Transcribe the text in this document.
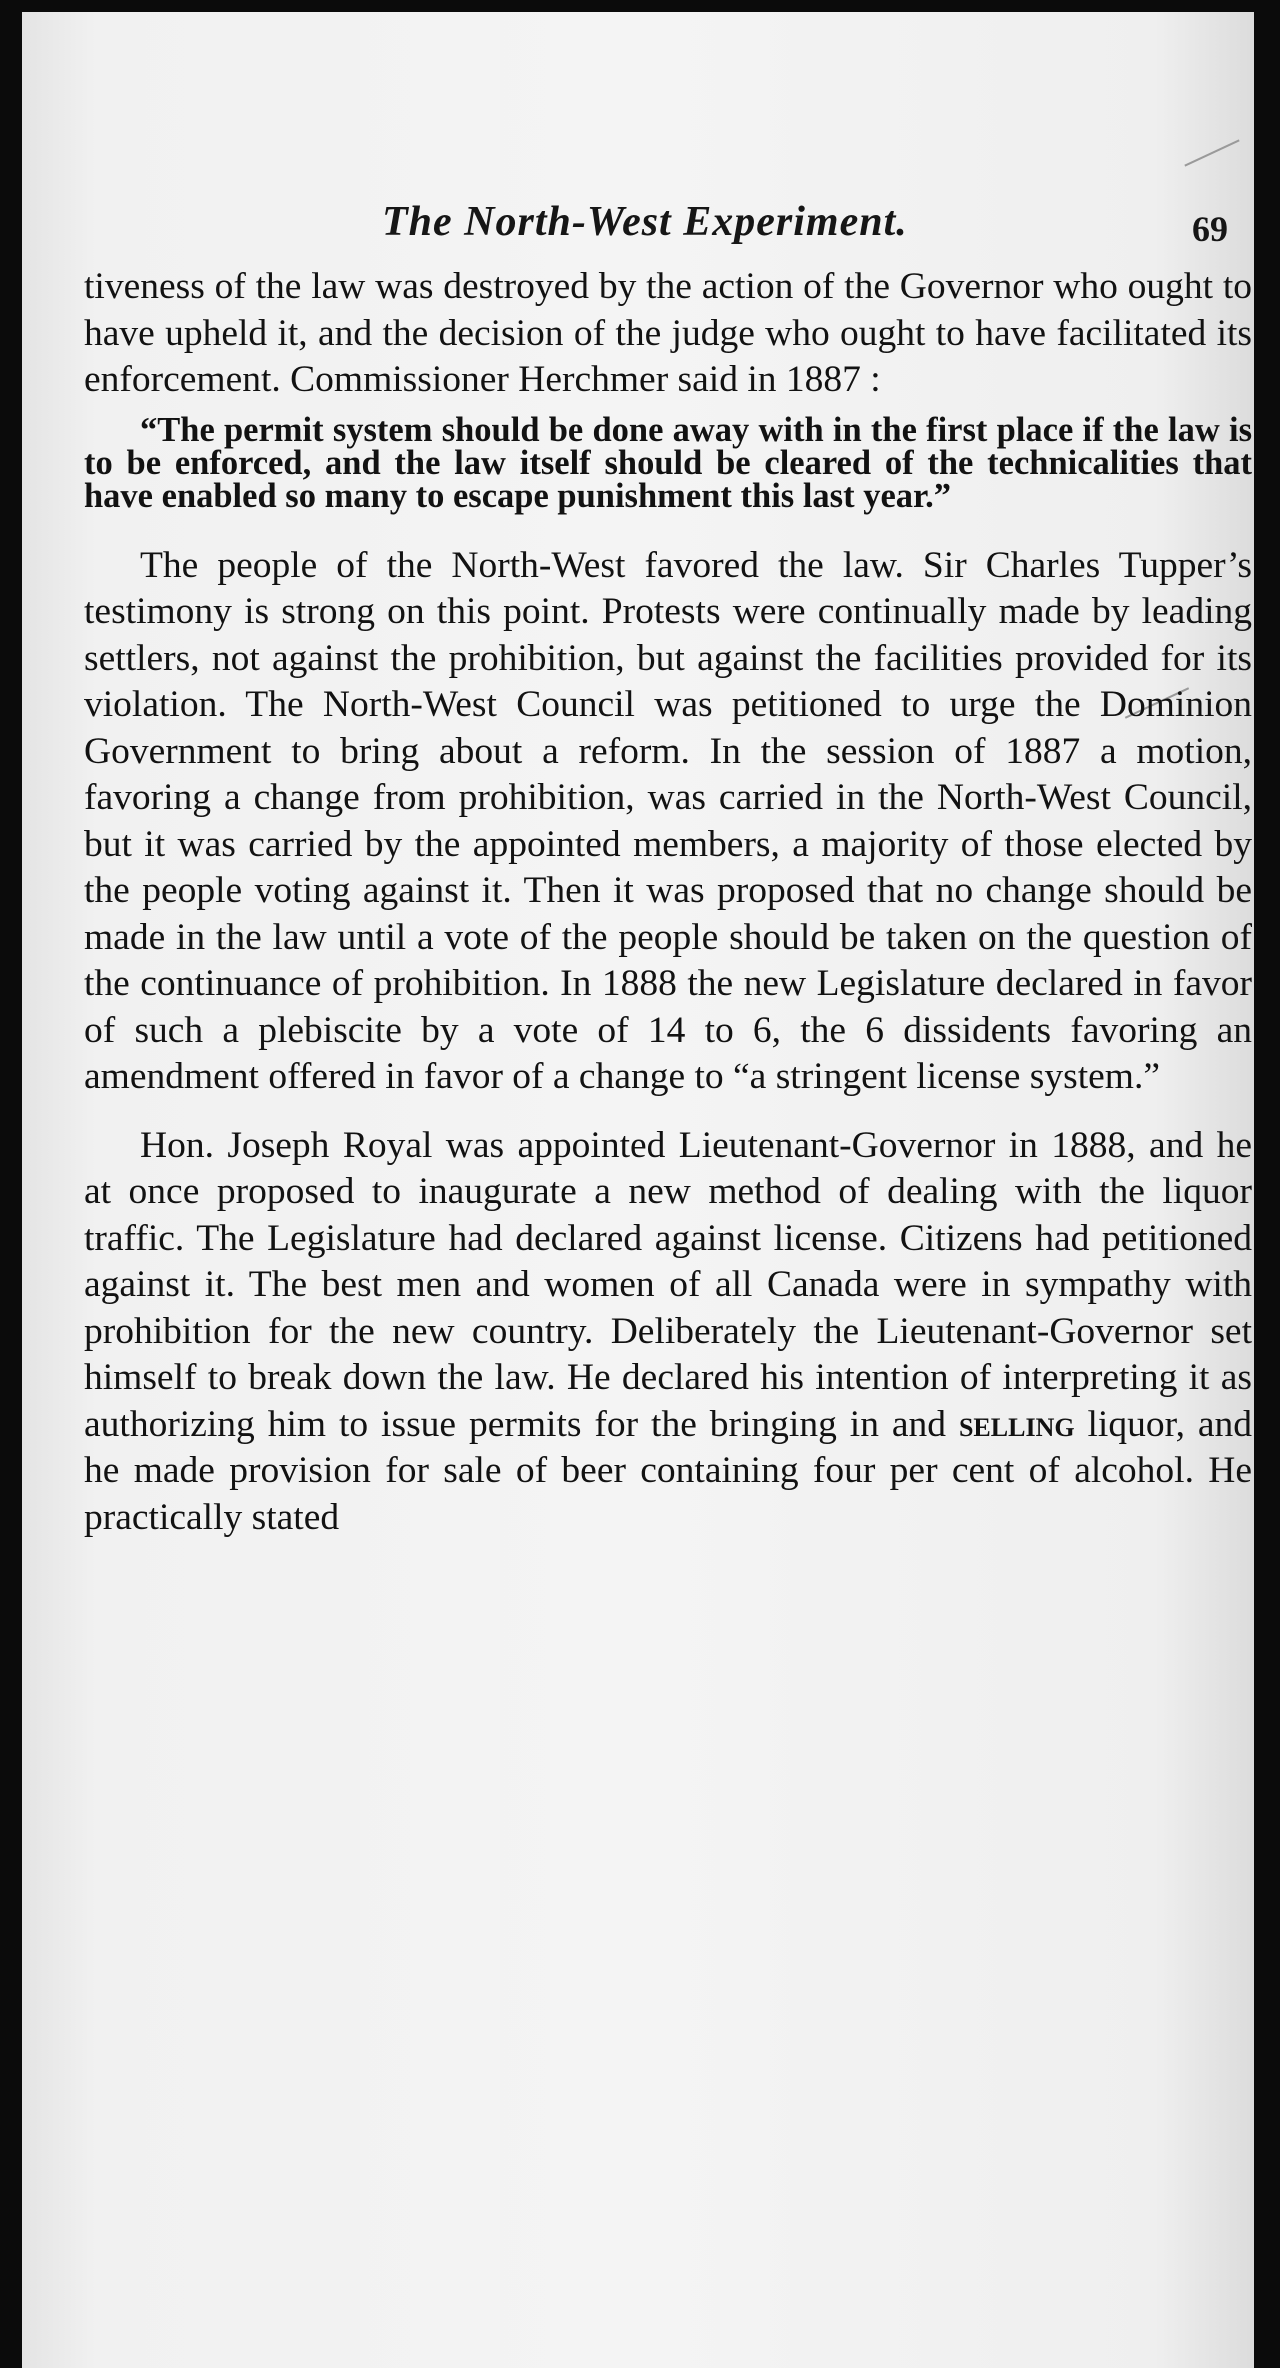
The North-West Experiment.	69

tiveness of the law was destroyed by the action of the Governor who ought to have upheld it, and the decision of the judge who ought to have facilitated its enforcement. Commissioner Herchmer said in 1887 :

“The permit system should be done away with in the first place if the law is to be enforced, and the law itself should be cleared of the technicalities that have enabled so many to escape punishment this last year.”

The people of the North-West favored the law. Sir Charles Tupper’s testimony is strong on this point. Protests were continually made by leading settlers, not against the prohibition, but against the facilities provided for its violation. The North-West Council was petitioned to urge the Dominion Government to bring about a reform. In the session of 1887 a motion, favoring a change from prohibition, was carried in the North-West Council, but it was carried by the appointed members, a majority of those elected by the people voting against it. Then it was proposed that no change should be made in the law until a vote of the people should be taken on the question of the continuance of prohibition. In 1888 the new Legislature declared in favor of such a plebiscite by a vote of 14 to 6, the 6 dissidents favoring an amendment offered in favor of a change to “a stringent license system.”

Hon. Joseph Royal was appointed Lieutenant-Governor in 1888, and he at once proposed to inaugurate a new method of dealing with the liquor traffic. The Legislature had declared against license. Citizens had petitioned against it. The best men and women of all Canada were in sympathy with prohibition for the new country. Deliberately the Lieutenant-Governor set himself to break down the law. He declared his intention of interpreting it as authorizing him to issue permits for the bringing in and selling liquor, and he made provision for sale of beer containing four per cent of alcohol. He practically stated
